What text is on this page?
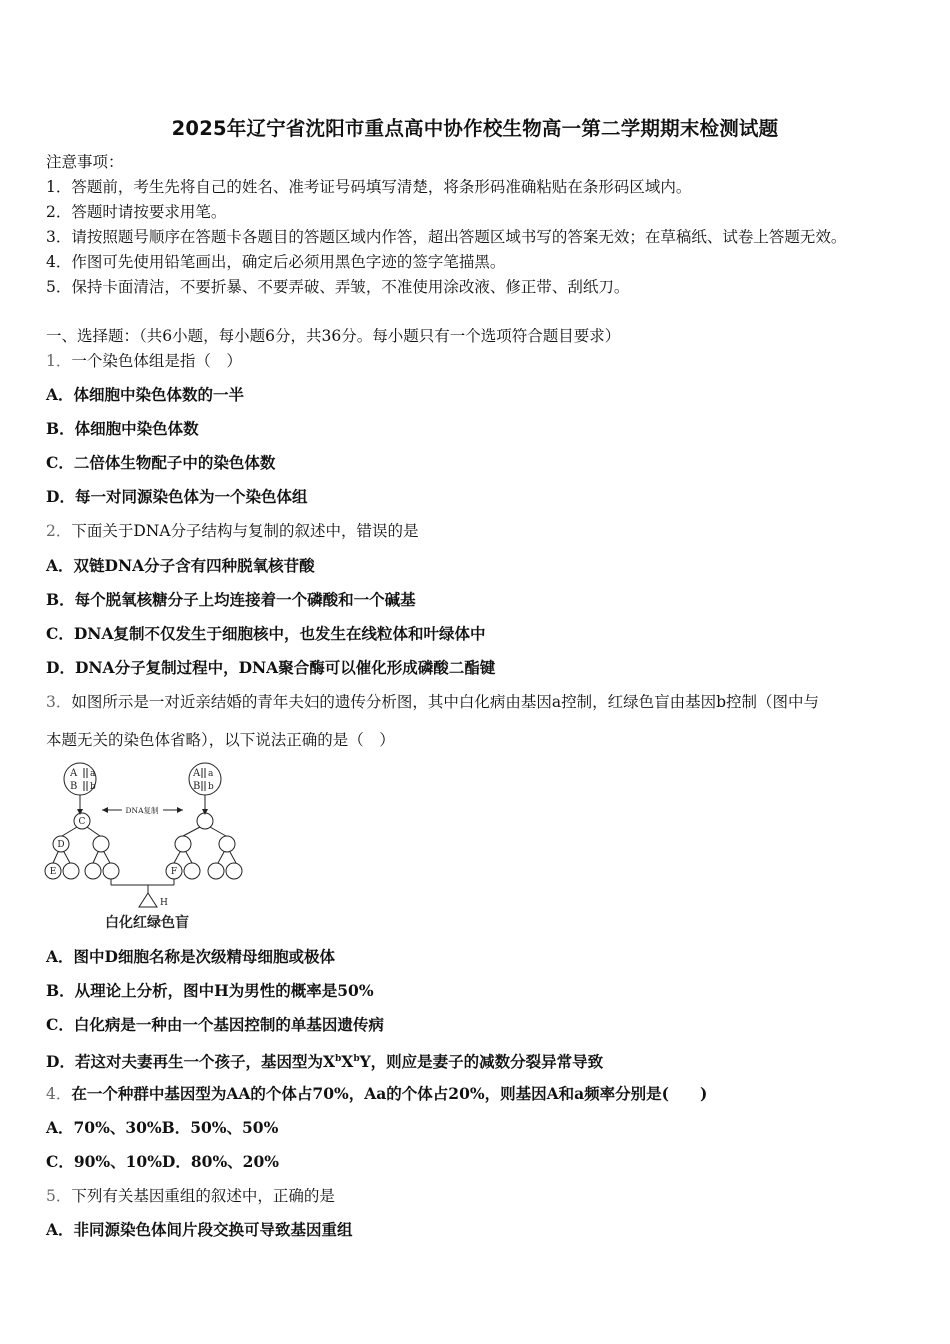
2025年辽宁省沈阳市重点高中协作校生物高一第二学期期末检测试题
注意事项：
1．答题前，考生先将自己的姓名、准考证号码填写清楚，将条形码准确粘贴在条形码区域内。
2．答题时请按要求用笔。
3．请按照题号顺序在答题卡各题目的答题区域内作答，超出答题区域书写的答案无效；在草稿纸、试卷上答题无效。
4．作图可先使用铅笔画出，确定后必须用黑色字迹的签字笔描黑。
5．保持卡面清洁，不要折暴、不要弄破、弄皱，不准使用涂改液、修正带、刮纸刀。
一、选择题：（共6小题，每小题6分，共36分。每小题只有一个选项符合题目要求）
1．一个染色体组是指（　）
A．体细胞中染色体数的一半
B．体细胞中染色体数
C．二倍体生物配子中的染色体数
D．每一对同源染色体为一个染色体组
2．下面关于DNA分子结构与复制的叙述中，错误的是
A．双链DNA分子含有四种脱氧核苷酸
B．每个脱氧核糖分子上均连接着一个磷酸和一个碱基
C．DNA复制不仅发生于细胞核中，也发生在线粒体和叶绿体中
D．DNA分子复制过程中，DNA聚合酶可以催化形成磷酸二酯键
3．如图所示是一对近亲结婚的青年夫妇的遗传分析图，其中白化病由基因a控制，红绿色盲由基因b控制（图中与
本题无关的染色体省略），以下说法正确的是（　）
A a
B b
A a
B b
DNA复制
C
D
E	F
H
白化红绿色盲
A．图中D细胞名称是次级精母细胞或极体
B．从理论上分析，图中H为男性的概率是50%
C．白化病是一种由一个基因控制的单基因遗传病
D．若这对夫妻再生一个孩子，基因型为$X^bX^bY$，则应是妻子的减数分裂异常导致
4．在一个种群中基因型为AA的个体占70%，Aa的个体占20%，则基因A和a频率分别是(　　)
A．70%、30%B．50%、50%
C．90%、10%D．80%、20%
5．下列有关基因重组的叙述中，正确的是
A．非同源染色体间片段交换可导致基因重组
